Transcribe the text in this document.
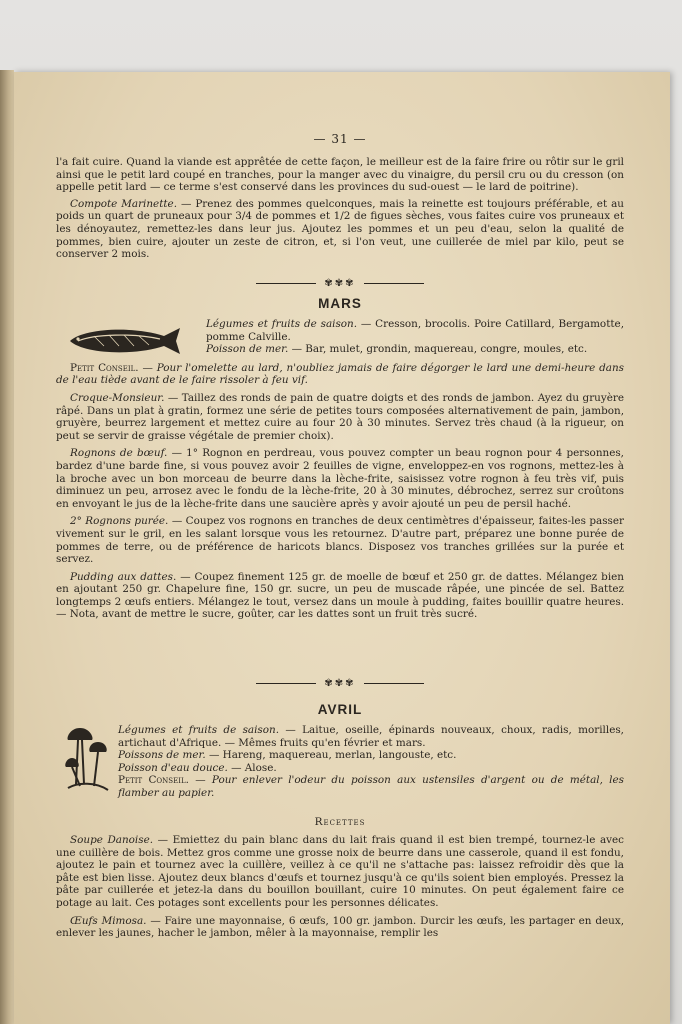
— 31 —

l'a fait cuire. Quand la viande est apprêtée de cette façon, le meilleur est de la faire frire ou rôtir sur le gril ainsi que le petit lard coupé en tranches, pour la manger avec du vinaigre, du persil cru ou du cresson (on appelle petit lard — ce terme s'est conservé dans les provinces du sud-ouest — le lard de poitrine).

Compote Marinette. — Prenez des pommes quelconques, mais la reinette est toujours préférable, et au poids un quart de pruneaux pour 3/4 de pommes et 1/2 de figues sèches, vous faites cuire vos pruneaux et les dénoyautez, remettez-les dans leur jus. Ajoutez les pommes et un peu d'eau, selon la qualité de pommes, bien cuire, ajouter un zeste de citron, et, si l'on veut, une cuillerée de miel par kilo, peut se conserver 2 mois.

✾✾✾
MARS

Légumes et fruits de saison. — Cresson, brocolis. Poire Catillard, Bergamotte, pomme Calville.

Poisson de mer. — Bar, mulet, grondin, maquereau, congre, moules, etc.

Petit Conseil. — Pour l'omelette au lard, n'oubliez jamais de faire dégorger le lard une demi-heure dans de l'eau tiède avant de le faire rissoler à feu vif.

Croque-Monsieur. — Taillez des ronds de pain de quatre doigts et des ronds de jambon. Ayez du gruyère râpé. Dans un plat à gratin, formez une série de petites tours composées alternativement de pain, jambon, gruyère, beurrez largement et mettez cuire au four 20 à 30 minutes. Servez très chaud (à la rigueur, on peut se servir de graisse végétale de premier choix).

Rognons de bœuf. — 1° Rognon en perdreau, vous pouvez compter un beau rognon pour 4 personnes, bardez d'une barde fine, si vous pouvez avoir 2 feuilles de vigne, enveloppez-en vos rognons, mettez-les à la broche avec un bon morceau de beurre dans la lèche-frite, saisissez votre rognon à feu très vif, puis diminuez un peu, arrosez avec le fondu de la lèche-frite, 20 à 30 minutes, débrochez, serrez sur croûtons en envoyant le jus de la lèche-frite dans une saucière après y avoir ajouté un peu de persil haché.

2° Rognons purée. — Coupez vos rognons en tranches de deux centimètres d'épaisseur, faites-les passer vivement sur le gril, en les salant lorsque vous les retournez. D'autre part, préparez une bonne purée de pommes de terre, ou de préférence de haricots blancs. Disposez vos tranches grillées sur la purée et servez.

Pudding aux dattes. — Coupez finement 125 gr. de moelle de bœuf et 250 gr. de dattes. Mélangez bien en ajoutant 250 gr. Chapelure fine, 150 gr. sucre, un peu de muscade râpée, une pincée de sel. Battez longtemps 2 œufs entiers. Mélangez le tout, versez dans un moule à pudding, faites bouillir quatre heures. — Nota, avant de mettre le sucre, goûter, car les dattes sont un fruit très sucré.

✾✾✾
AVRIL

Légumes et fruits de saison. — Laitue, oseille, épinards nouveaux, choux, radis, morilles, artichaut d'Afrique. — Mêmes fruits qu'en février et mars.

Poissons de mer. — Hareng, maquereau, merlan, langouste, etc.

Poisson d'eau douce. — Alose.

Petit Conseil. — Pour enlever l'odeur du poisson aux ustensiles d'argent ou de métal, les flamber au papier.

Recettes

Soupe Danoise. — Emiettez du pain blanc dans du lait frais quand il est bien trempé, tournez-le avec une cuillère de bois. Mettez gros comme une grosse noix de beurre dans une casserole, quand il est fondu, ajoutez le pain et tournez avec la cuillère, veillez à ce qu'il ne s'attache pas: laissez refroidir dès que la pâte est bien lisse. Ajoutez deux blancs d'œufs et tournez jusqu'à ce qu'ils soient bien employés. Pressez la pâte par cuillerée et jetez-la dans du bouillon bouillant, cuire 10 minutes. On peut également faire ce potage au lait. Ces potages sont excellents pour les personnes délicates.

Œufs Mimosa. — Faire une mayonnaise, 6 œufs, 100 gr. jambon. Durcir les œufs, les partager en deux, enlever les jaunes, hacher le jambon, mêler à la mayonnaise, remplir les
